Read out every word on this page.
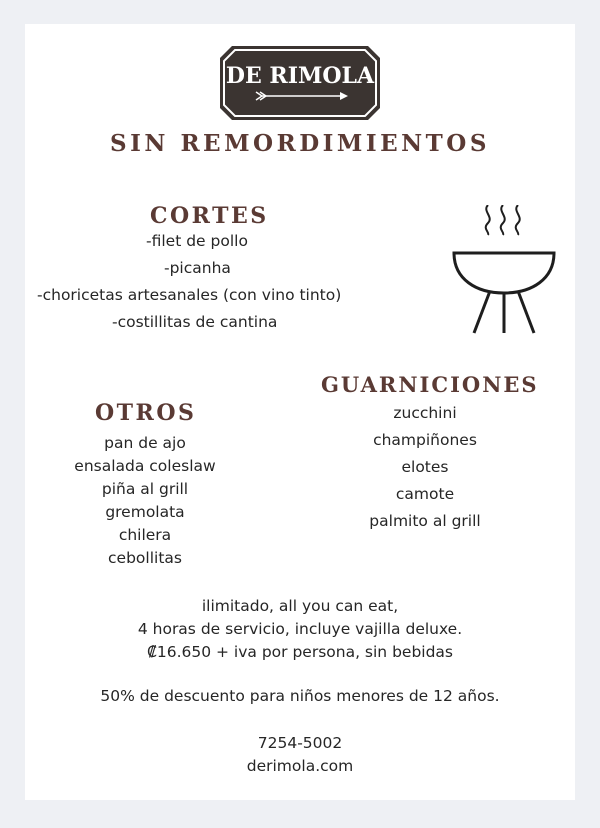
DE RIMOLA
SIN REMORDIMIENTOS
CORTES
-filet de pollo
-picanha
-choricetas artesanales (con vino tinto)
-costillitas de cantina
GUARNICIONES
zucchini
champiñones
elotes
camote
palmito al grill
OTROS
pan de ajo
ensalada coleslaw
piña al grill
gremolata
chilera
cebollitas
ilimitado, all you can eat,
4 horas de servicio, incluye vajilla deluxe.
₡16.650 + iva por persona, sin bebidas
50% de descuento para niños menores de 12 años.
7254-5002
derimola.com
